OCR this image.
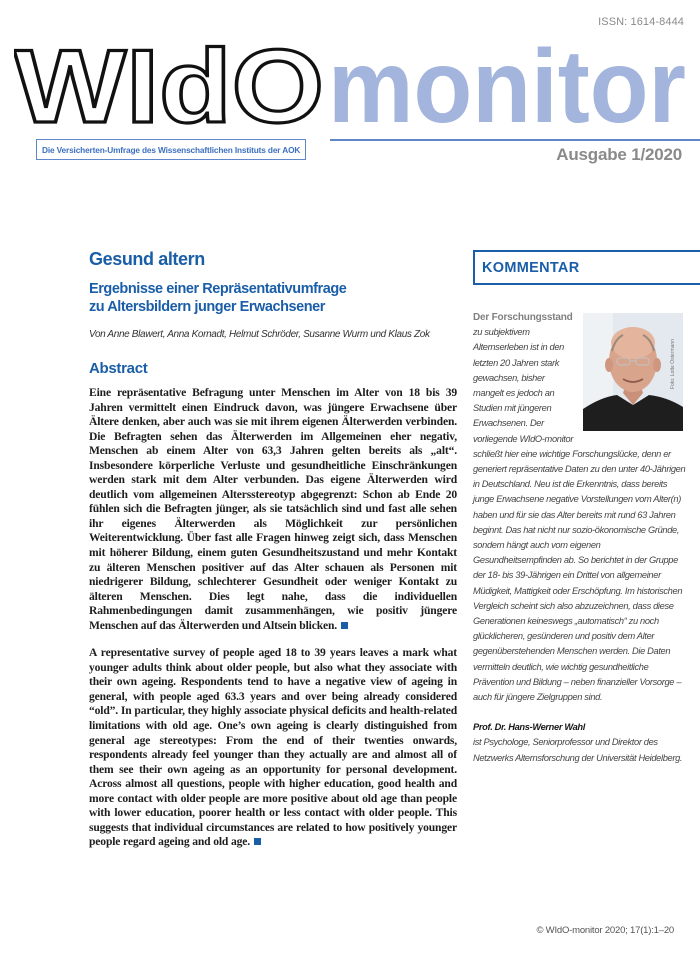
ISSN: 1614-8444
WIdO monitor
Die Versicherten-Umfrage des Wissenschaftlichen Instituts der AOK	Ausgabe 1/2020
Gesund altern
Ergebnisse einer Repräsentativumfrage
zu Altersbildern junger Erwachsener
Von Anne Blawert, Anna Kornadt, Helmut Schröder, Susanne Wurm und Klaus Zok
Abstract

Eine repräsentative Befragung unter Menschen im Alter von 18 bis 39 Jahren vermittelt einen Eindruck davon, was jüngere Erwachsene über Ältere denken, aber auch was sie mit ihrem eigenen Älterwerden verbinden. Die Befragten sehen das Älterwerden im Allgemeinen eher negativ, Menschen ab einem Alter von 63,3 Jahren gelten bereits als „alt“. Insbesondere körperliche Verluste und gesundheitliche Einschränkungen werden stark mit dem Alter verbunden. Das eigene Älterwerden wird deutlich vom allgemeinen Altersstereotyp abgegrenzt: Schon ab Ende 20 fühlen sich die Befragten jünger, als sie tatsächlich sind und fast alle sehen ihr eigenes Älterwerden als Möglichkeit zur persönlichen Weiterentwicklung. Über fast alle Fragen hinweg zeigt sich, dass Menschen mit höherer Bildung, einem guten Gesundheitszustand und mehr Kontakt zu älteren Menschen positiver auf das Alter schauen als Personen mit niedrigerer Bildung, schlechterer Gesundheit oder weniger Kontakt zu älteren Menschen. Dies legt nahe, dass die individuellen Rahmenbedingungen damit zusammenhängen, wie positiv jüngere Menschen auf das Älterwerden und Altsein blicken.

A representative survey of people aged 18 to 39 years leaves a mark what younger adults think about older people, but also what they associate with their own ageing. Respondents tend to have a negative view of ageing in general, with people aged 63.3 years and over being already considered “old”. In particular, they highly associate physical deficits and health-related limitations with old age. One’s own ageing is clearly distinguished from general age stereotypes: From the end of their twenties onwards, respondents already feel younger than they actually are and almost all of them see their own ageing as an opportunity for personal development. Across almost all questions, people with higher education, good health and more contact with older people are more positive about old age than people with lower education, poorer health or less contact with older people. This suggests that individual circumstances are related to how positively younger people regard ageing and old age.

KOMMENTAR
Foto: Lotte Ostermann

Der Forschungsstand zu subjektivem Alternserleben ist in den letzten 20 Jahren stark gewachsen, bisher mangelt es jedoch an Studien mit jüngeren Erwachsenen. Der vorliegende WIdO-monitor schließt hier eine wichtige Forschungslücke, denn er generiert repräsentative Daten zu den unter 40-Jährigen in Deutschland. Neu ist die Erkenntnis, dass bereits junge Erwachsene negative Vorstellungen vom Alter(n) haben und für sie das Alter bereits mit rund 63 Jahren beginnt. Das hat nicht nur sozio-ökonomische Gründe, sondern hängt auch vom eigenen Gesundheitsempfinden ab. So berichtet in der Gruppe der 18- bis 39-Jährigen ein Drittel von allgemeiner Müdigkeit, Mattigkeit oder Erschöpfung. Im historischen Vergleich scheint sich also abzuzeichnen, dass diese Generationen keineswegs „automatisch“ zu noch glücklicheren, gesünderen und positiv dem Alter gegenüberstehenden Menschen werden. Die Daten vermitteln deutlich, wie wichtig gesundheitliche Prävention und Bildung – neben finanzieller Vorsorge – auch für jüngere Zielgruppen sind.

Prof. Dr. Hans-Werner Wahl
ist Psychologe, Seniorprofessor und Direktor des Netzwerks Alternsforschung der Universität Heidelberg.

© WIdO-monitor 2020; 17(1):1–20
